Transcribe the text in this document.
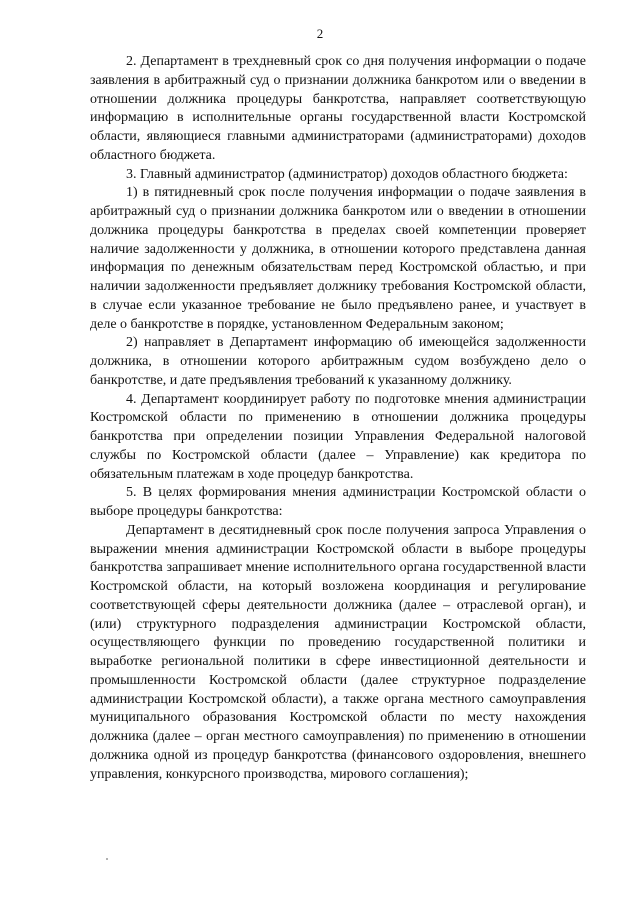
2

2. Департамент в трехдневный срок со дня получения информации о подаче заявления в арбитражный суд о признании должника банкротом или о введении в отношении должника процедуры банкротства, направляет соответствующую информацию в исполнительные органы государственной власти Костромской области, являющиеся главными администраторами (администраторами) доходов областного бюджета.

3. Главный администратор (администратор) доходов областного бюджета:

1) в пятидневный срок после получения информации о подаче заявления в арбитражный суд о признании должника банкротом или о введении в отношении должника процедуры банкротства в пределах своей компетенции проверяет наличие задолженности у должника, в отношении которого представлена данная информация по денежным обязательствам перед Костромской областью, и при наличии задолженности предъявляет должнику требования Костромской области, в случае если указанное требование не было предъявлено ранее, и участвует в деле о банкротстве в порядке, установленном Федеральным законом;

2) направляет в Департамент информацию об имеющейся задолженности должника, в отношении которого арбитражным судом возбуждено дело о банкротстве, и дате предъявления требований к указанному должнику.

4. Департамент координирует работу по подготовке мнения администрации Костромской области по применению в отношении должника процедуры банкротства при определении позиции Управления Федеральной налоговой службы по Костромской области (далее – Управление) как кредитора по обязательным платежам в ходе процедур банкротства.

5. В целях формирования мнения администрации Костромской области о выборе процедуры банкротства:

Департамент в десятидневный срок после получения запроса Управления о выражении мнения администрации Костромской области в выборе процедуры банкротства запрашивает мнение исполнительного органа государственной власти Костромской области, на который возложена координация и регулирование соответствующей сферы деятельности должника (далее – отраслевой орган), и (или) структурного подразделения администрации Костромской области, осуществляющего функции по проведению государственной политики и выработке региональной политики в сфере инвестиционной деятельности и промышленности Костромской области (далее структурное подразделение администрации Костромской области), а также органа местного самоуправления муниципального образования Костромской области по месту нахождения должника (далее – орган местного самоуправления) по применению в отношении должника одной из процедур банкротства (финансового оздоровления, внешнего управления, конкурсного производства, мирового соглашения);
